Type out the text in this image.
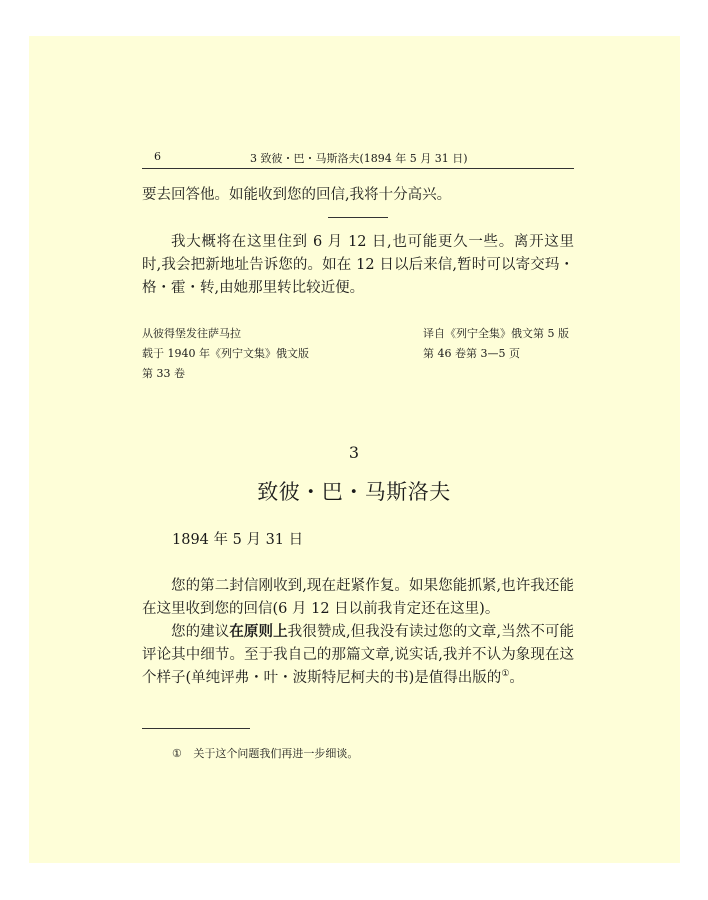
6	3 致彼・巴・马斯洛夫(1894 年 5 月 31 日)

要去回答他。如能收到您的回信,我将十分高兴。

我大概将在这里住到 6 月 12 日,也可能更久一些。离开这里时,我会把新地址告诉您的。如在 12 日以后来信,暂时可以寄交玛・格・霍・转,由她那里转比较近便。

从彼得堡发往萨马拉
载于 1940 年《列宁文集》俄文版
第 33 卷
译自《列宁全集》俄文第 5 版
第 46 卷第 3—5 页
3
致彼・巴・马斯洛夫
1894 年 5 月 31 日

您的第二封信刚收到,现在赶紧作复。如果您能抓紧,也许我还能在这里收到您的回信(6 月 12 日以前我肯定还在这里)。

您的建议在原则上我很赞成,但我没有读过您的文章,当然不可能评论其中细节。至于我自己的那篇文章,说实话,我并不认为象现在这个样子(单纯评弗・叶・波斯特尼柯夫的书)是值得出版的①。

① 关于这个问题我们再进一步细谈。
